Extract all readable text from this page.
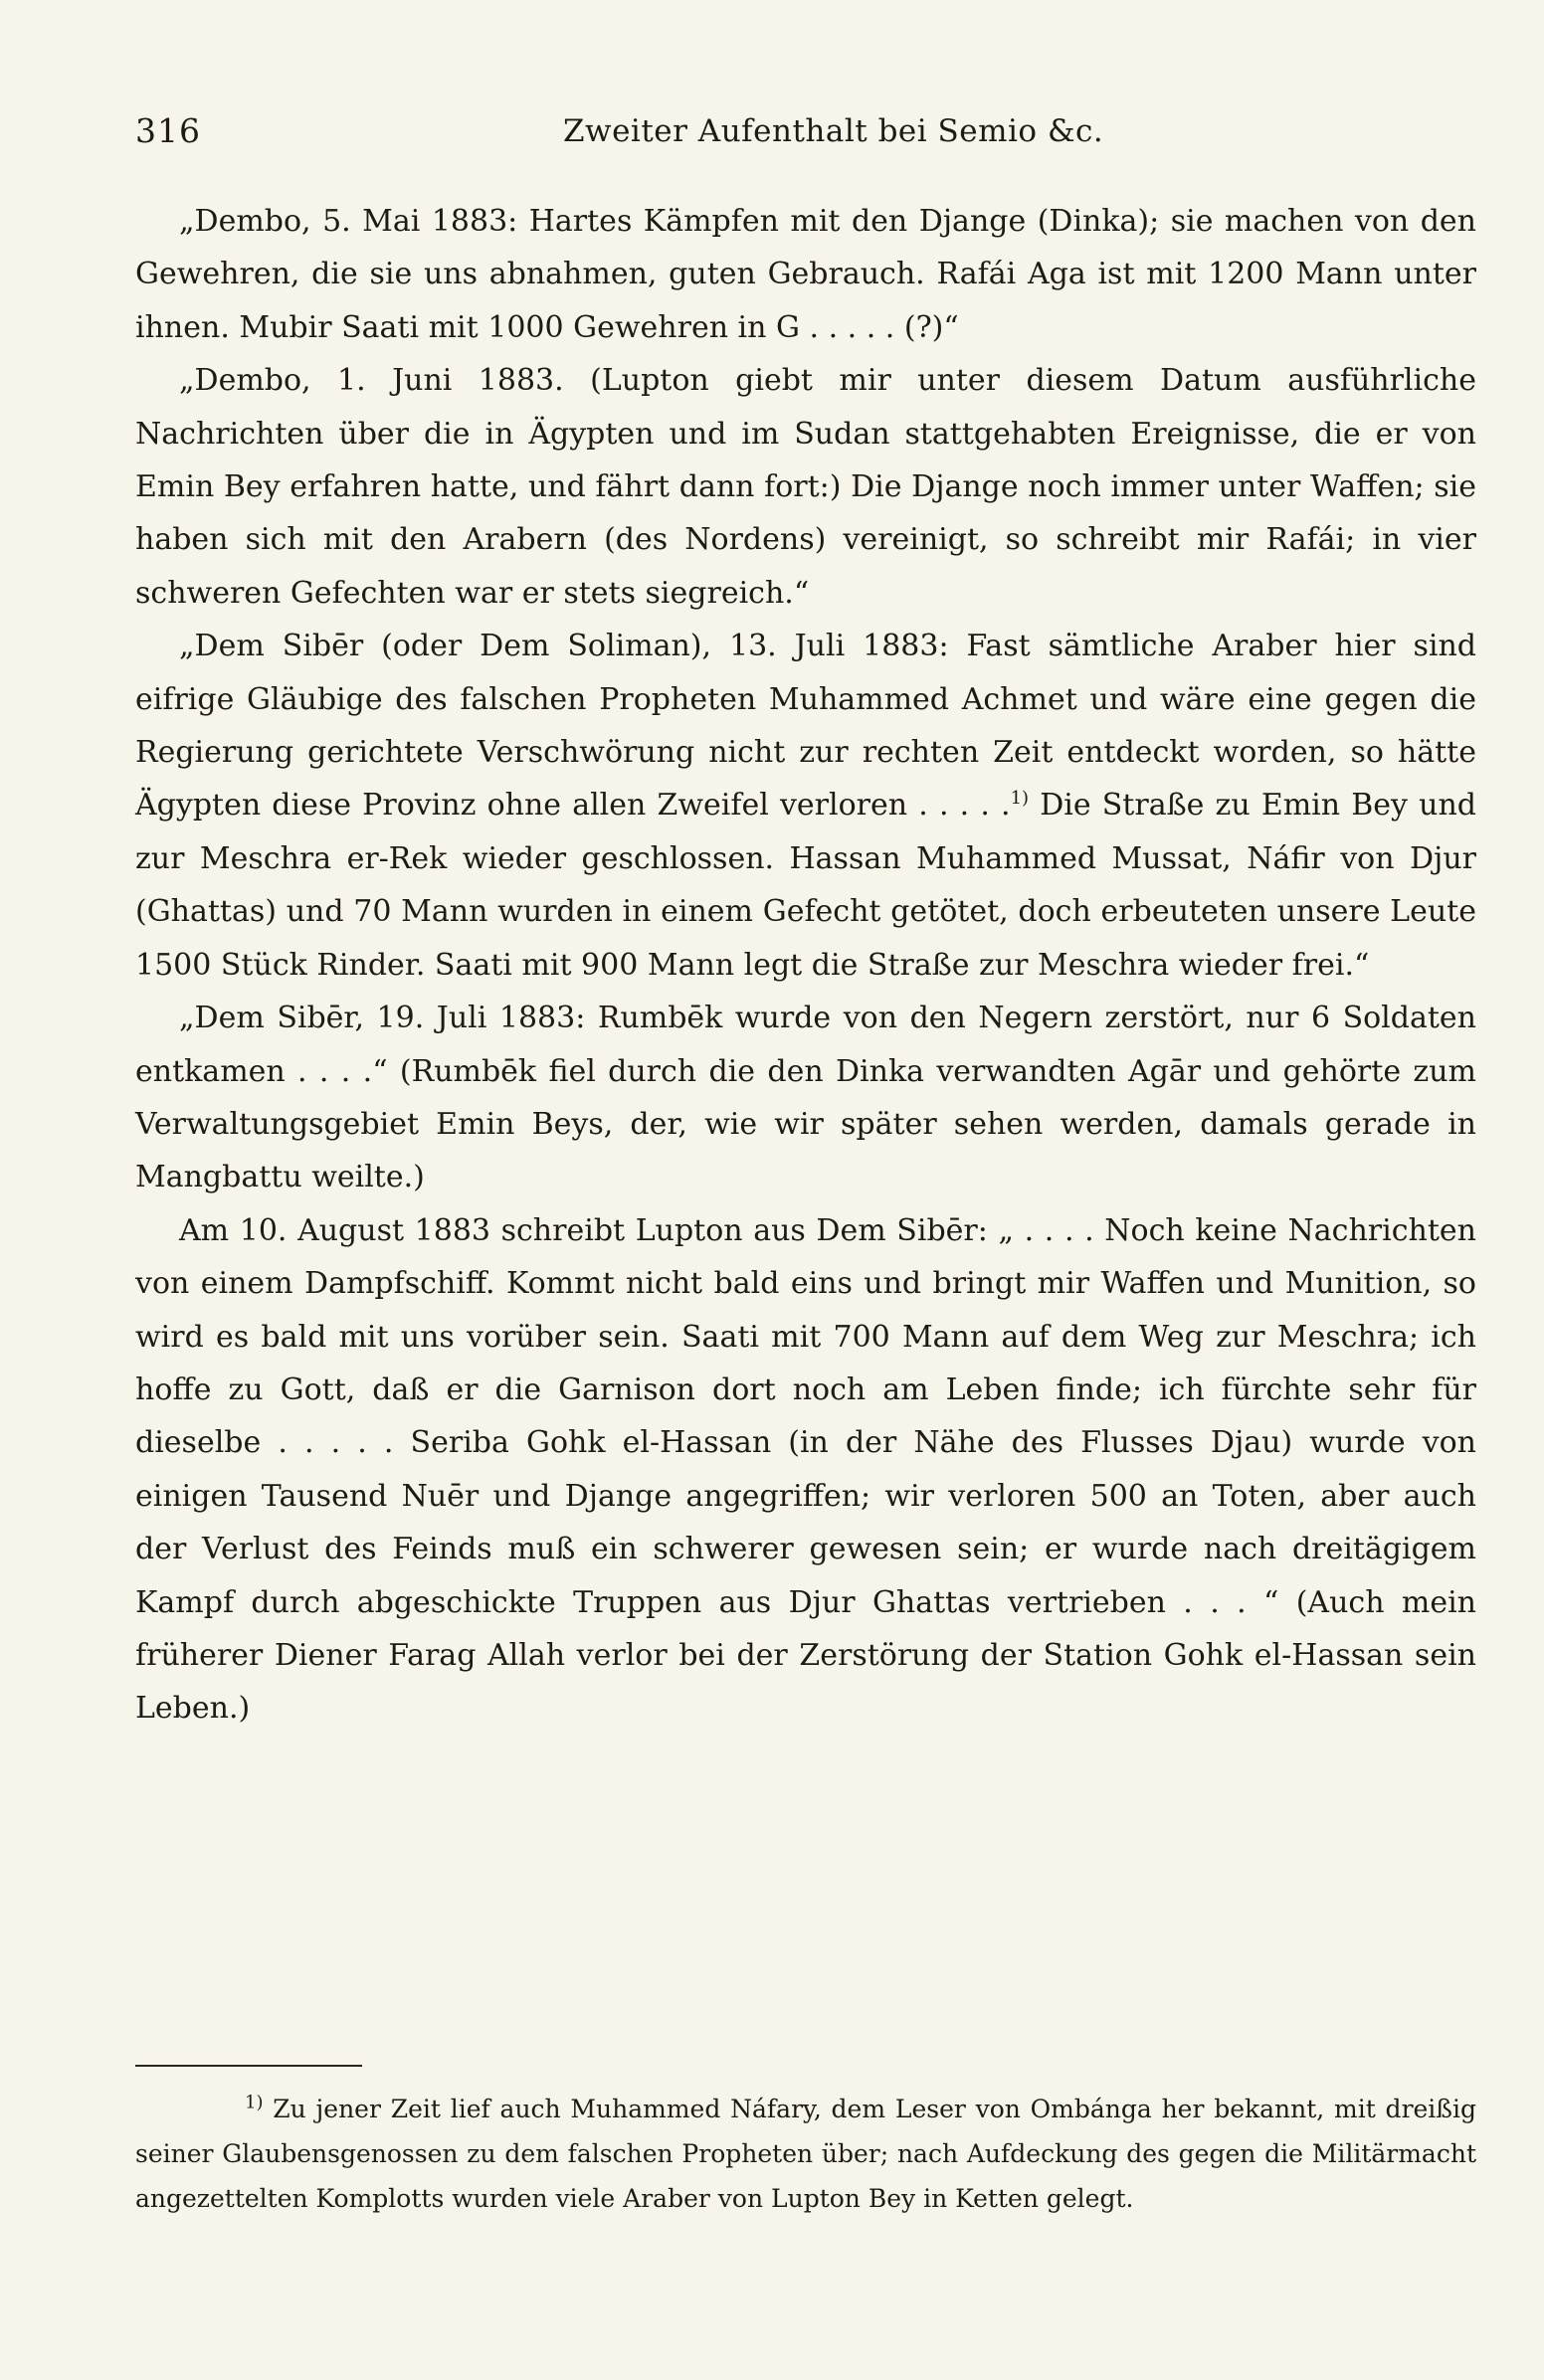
316	Zweiter Aufenthalt bei Semio &c.

„Dembo, 5. Mai 1883: Hartes Kämpfen mit den Djange (Dinka); sie machen von den Gewehren, die sie uns abnahmen, guten Gebrauch. Rafái Aga ist mit 1200 Mann unter ihnen. Mubir Saati mit 1000 Gewehren in G . . . . . (?)“

„Dembo, 1. Juni 1883. (Lupton giebt mir unter diesem Datum ausführliche Nachrichten über die in Ägypten und im Sudan stattgehabten Ereignisse, die er von Emin Bey erfahren hatte, und fährt dann fort:) Die Djange noch immer unter Waffen; sie haben sich mit den Arabern (des Nordens) vereinigt, so schreibt mir Rafái; in vier schweren Gefechten war er stets siegreich.“

„Dem Sibēr (oder Dem Soliman), 13. Juli 1883: Fast sämtliche Araber hier sind eifrige Gläubige des falschen Propheten Muhammed Achmet und wäre eine gegen die Regierung gerichtete Verschwörung nicht zur rechten Zeit entdeckt worden, so hätte Ägypten diese Provinz ohne allen Zweifel verloren . . . . .$^{1)}$ Die Straße zu Emin Bey und zur Meschra er-Rek wieder geschlossen. Hassan Muhammed Mussat, Náfir von Djur (Ghattas) und 70 Mann wurden in einem Gefecht getötet, doch erbeuteten unsere Leute 1500 Stück Rinder. Saati mit 900 Mann legt die Straße zur Meschra wieder frei.“

„Dem Sibēr, 19. Juli 1883: Rumbēk wurde von den Negern zerstört, nur 6 Soldaten entkamen . . . .“ (Rumbēk fiel durch die den Dinka verwandten Agār und gehörte zum Verwaltungsgebiet Emin Beys, der, wie wir später sehen werden, damals gerade in Mangbattu weilte.)

Am 10. August 1883 schreibt Lupton aus Dem Sibēr: „ . . . . Noch keine Nachrichten von einem Dampfschiff. Kommt nicht bald eins und bringt mir Waffen und Munition, so wird es bald mit uns vorüber sein. Saati mit 700 Mann auf dem Weg zur Meschra; ich hoffe zu Gott, daß er die Garnison dort noch am Leben finde; ich fürchte sehr für dieselbe . . . . . Seriba Gohk el-Hassan (in der Nähe des Flusses Djau) wurde von einigen Tausend Nuēr und Djange angegriffen; wir verloren 500 an Toten, aber auch der Verlust des Feinds muß ein schwerer gewesen sein; er wurde nach dreitägigem Kampf durch abgeschickte Truppen aus Djur Ghattas vertrieben . . . “ (Auch mein früherer Diener Farag Allah verlor bei der Zerstörung der Station Gohk el-Hassan sein Leben.)

$^{1)}$ Zu jener Zeit lief auch Muhammed Náfary, dem Leser von Ombánga her bekannt, mit dreißig seiner Glaubensgenossen zu dem falschen Propheten über; nach Aufdeckung des gegen die Militärmacht angezettelten Komplotts wurden viele Araber von Lupton Bey in Ketten gelegt.
